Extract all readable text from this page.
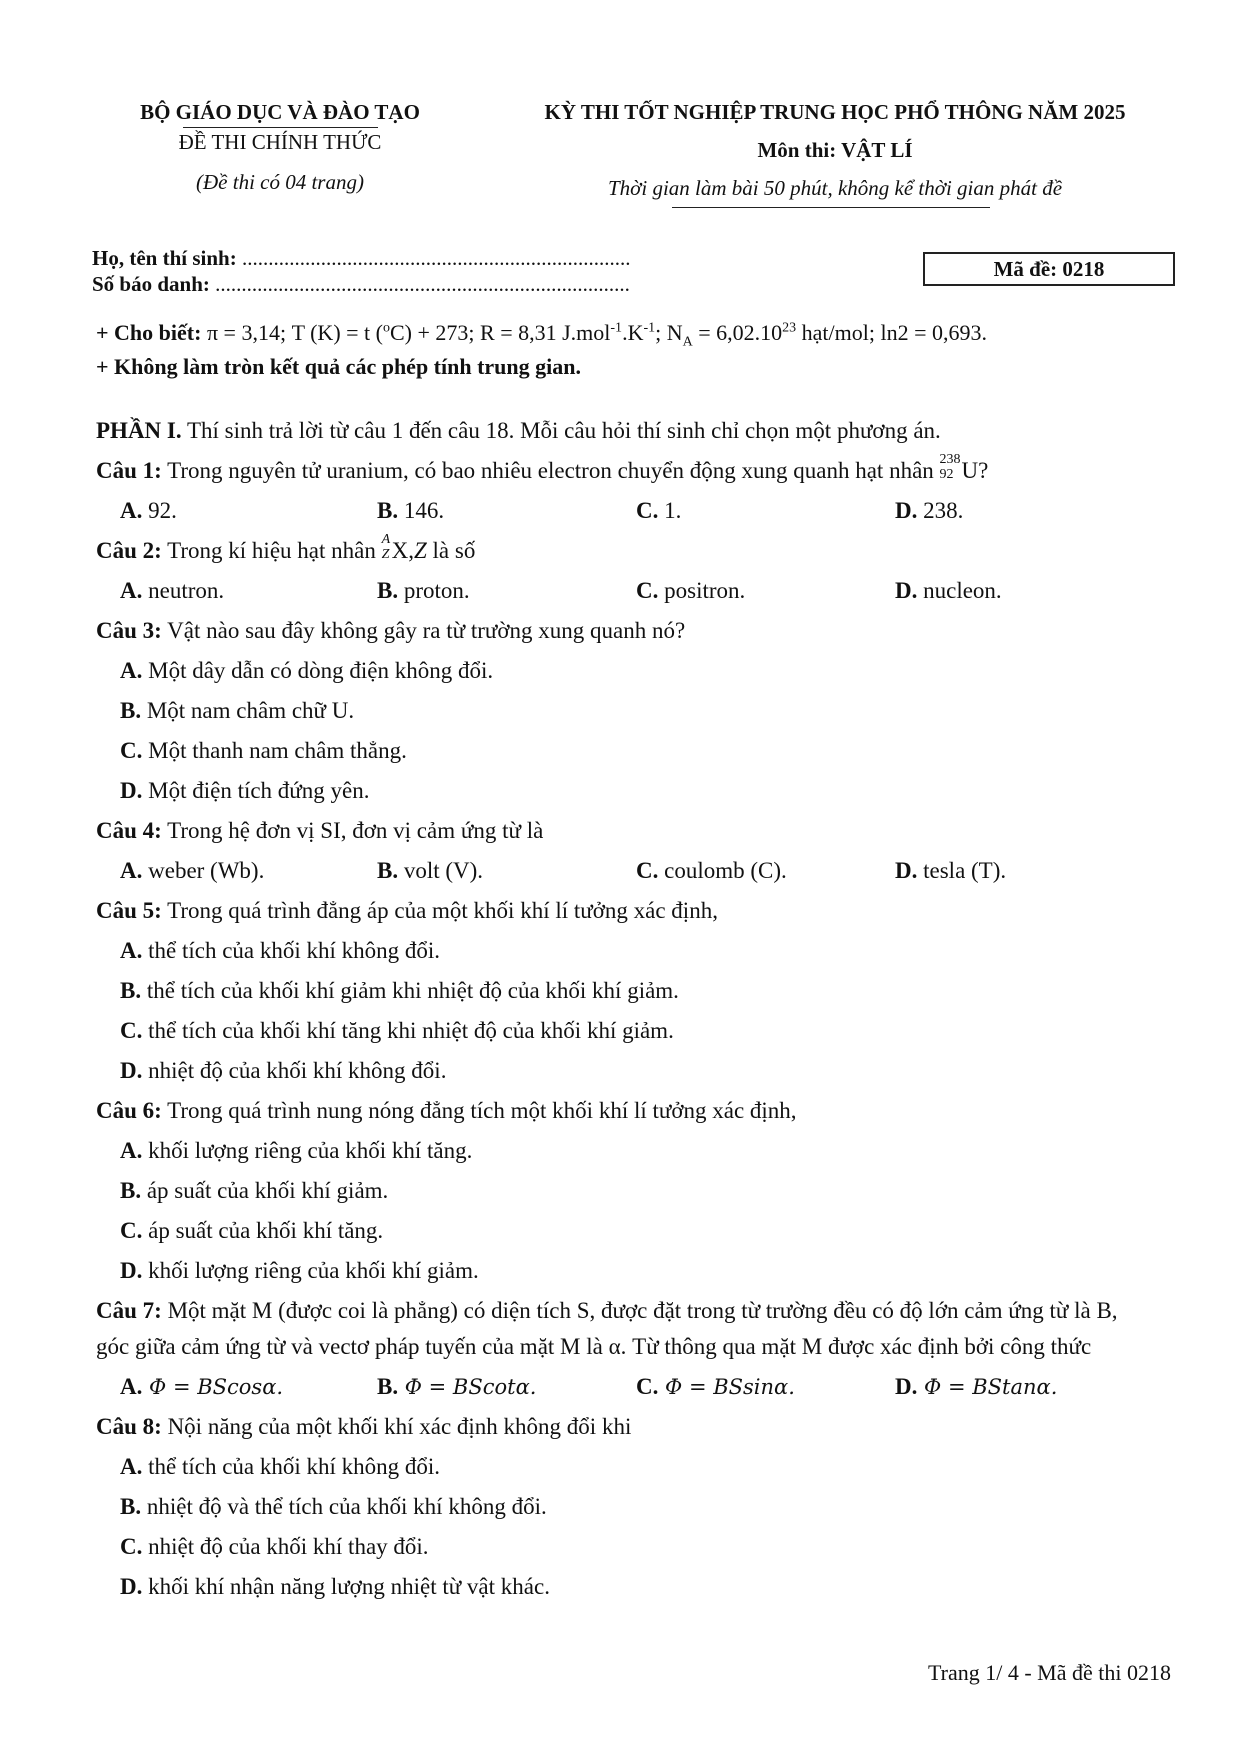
BỘ GIÁO DỤC VÀ ĐÀO TẠO
ĐỀ THI CHÍNH THỨC
(Đề thi có 04 trang)
KỲ THI TỐT NGHIỆP TRUNG HỌC PHỔ THÔNG NĂM 2025
Môn thi: VẬT LÍ
Thời gian làm bài 50 phút, không kể thời gian phát đề
Họ, tên thí sinh: ..........................................................................
Số báo danh: ...............................................................................
Mã đề: 0218
+ Cho biết: π = 3,14; T (K) = t ($^o$C) + 273; R = 8,31 $J.mol^{-1}.K^{-1}$; $N_A = 6,02.10^{23}$ hạt/mol; ln2 = 0,693.
+ Không làm tròn kết quả các phép tính trung gian.
PHẦN I. Thí sinh trả lời từ câu 1 đến câu 18. Mỗi câu hỏi thí sinh chỉ chọn một phương án.
Câu 1: Trong nguyên tử uranium, có bao nhiêu electron chuyển động xung quanh hạt nhân 238
92 U?
A. 92.	B. 146.	C. 1.	D. 238.
Câu 2: Trong kí hiệu hạt nhân A
Z X,Z là số
A. neutron.	B. proton.	C. positron.	D. nucleon.
Câu 3: Vật nào sau đây không gây ra từ trường xung quanh nó?
A. Một dây dẫn có dòng điện không đổi.
B. Một nam châm chữ U.
C. Một thanh nam châm thẳng.
D. Một điện tích đứng yên.
Câu 4: Trong hệ đơn vị SI, đơn vị cảm ứng từ là
A. weber (Wb).	B. volt (V).	C. coulomb (C).	D. tesla (T).
Câu 5: Trong quá trình đẳng áp của một khối khí lí tưởng xác định,
A. thể tích của khối khí không đổi.
B. thể tích của khối khí giảm khi nhiệt độ của khối khí giảm.
C. thể tích của khối khí tăng khi nhiệt độ của khối khí giảm.
D. nhiệt độ của khối khí không đổi.
Câu 6: Trong quá trình nung nóng đẳng tích một khối khí lí tưởng xác định,
A. khối lượng riêng của khối khí tăng.
B. áp suất của khối khí giảm.
C. áp suất của khối khí tăng.
D. khối lượng riêng của khối khí giảm.
Câu 7: Một mặt M (được coi là phẳng) có diện tích S, được đặt trong từ trường đều có độ lớn cảm ứng từ là B,
góc giữa cảm ứng từ và vectơ pháp tuyến của mặt M là α. Từ thông qua mặt M được xác định bởi công thức
A. Φ = BScosα.	B. Φ = BScotα.	C. Φ = BSsinα.	D. Φ = BStanα.
Câu 8: Nội năng của một khối khí xác định không đổi khi
A. thể tích của khối khí không đổi.
B. nhiệt độ và thể tích của khối khí không đổi.
C. nhiệt độ của khối khí thay đổi.
D. khối khí nhận năng lượng nhiệt từ vật khác.
Trang 1/ 4 - Mã đề thi 0218
